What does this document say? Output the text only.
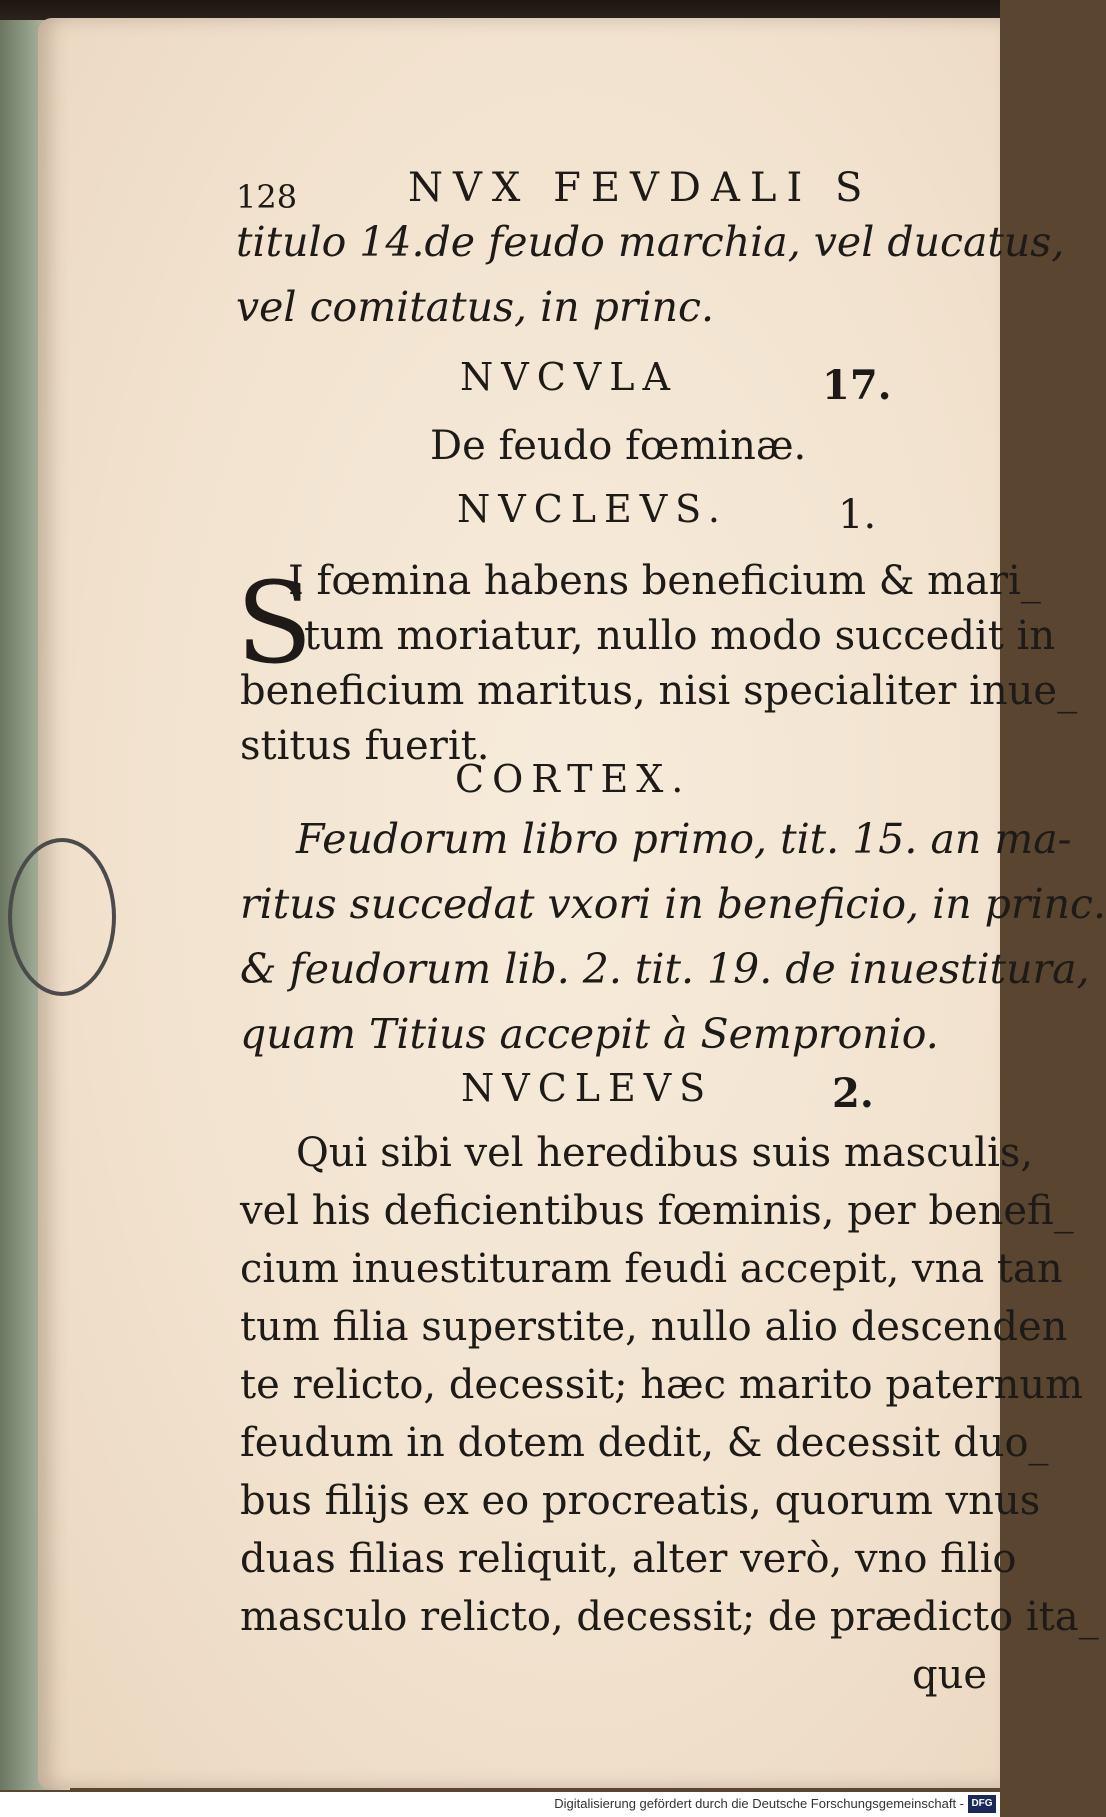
128	NVX FEVDALI S
titulo 14.de feudo marchia, vel ducatus,
vel comitatus, in princ.
NVCVLA	17.
De feudo fœminæ.
NVCLEVS.	1.
S
I fœmina habens beneficium & mari_
tum moriatur, nullo modo succedit in
beneficium maritus, nisi specialiter inue_
stitus fuerit.
CORTEX.
Feudorum libro primo, tit. 15. an ma-
ritus succedat vxori in beneficio, in princ.
& feudorum lib. 2. tit. 19. de inuestitura,
quam Titius accepit à Sempronio.
NVCLEVS	2.
Qui sibi vel heredibus suis masculis,
vel his deficientibus fœminis, per benefi_
cium inuestituram feudi accepit, vna tan
tum filia superstite, nullo alio descenden
te relicto, decessit; hæc marito paternum
feudum in dotem dedit, & decessit duo_
bus filijs ex eo procreatis, quorum vnus
duas filias reliquit, alter verò, vno filio
masculo relicto, decessit; de prædicto ita_
que
Digitalisierung gefördert durch die Deutsche Forschungsgemeinschaft - DFG
